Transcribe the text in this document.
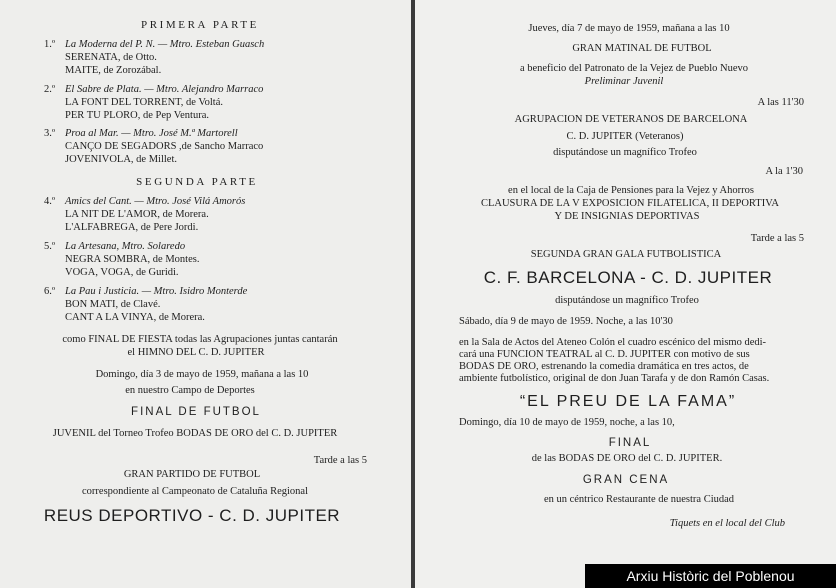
PRIMERA PARTE
1.º La Moderna del P. N. — Mtro. Esteban Guasch
SERENATA, de Otto.
MAITE, de Zorozábal.
2.º El Sabre de Plata. — Mtro. Alejandro Marraco
LA FONT DEL TORRENT, de Voltá.
PER TU PLORO, de Pep Ventura.
3.º Proa al Mar. — Mtro. José M.ª Martorell
CANÇO DE SEGADORS ,de Sancho Marraco
JOVENIVOLA, de Millet.
SEGUNDA PARTE
4.º Amics del Cant. — Mtro. José Vilá Amorós
LA NIT DE L'AMOR, de Morera.
L'ALFABREGA, de Pere Jordi.
5.º La Artesana, Mtro. Solaredo
NEGRA SOMBRA, de Montes.
VOGA, VOGA, de Guridi.
6.º La Pau i Justicia. — Mtro. Isidro Monterde
BON MATI, de Clavé.
CANT A LA VINYA, de Morera.
como FINAL DE FIESTA todas las Agrupaciones juntas cantarán
el HIMNO DEL C. D. JUPITER
Domingo, día 3 de mayo de 1959, mañana a las 10
en nuestro Campo de Deportes
FINAL DE FUTBOL
JUVENIL del Torneo Trofeo BODAS DE ORO del C. D. JUPITER
Tarde a las 5
GRAN PARTIDO DE FUTBOL
correspondiente al Campeonato de Cataluña Regional
REUS DEPORTIVO - C. D. JUPITER
Jueves, día 7 de mayo de 1959, mañana a las 10
GRAN MATINAL DE FUTBOL
a beneficio del Patronato de la Vejez de Pueblo Nuevo
Preliminar Juvenil
A las 11'30
AGRUPACION DE VETERANOS DE BARCELONA
C. D. JUPITER (Veteranos)
disputándose un magnífico Trofeo
A la 1'30
en el local de la Caja de Pensiones para la Vejez y Ahorros
CLAUSURA DE LA V EXPOSICION FILATELICA, II DEPORTIVA
Y DE INSIGNIAS DEPORTIVAS
Tarde a las 5
SEGUNDA GRAN GALA FUTBOLISTICA
C. F. BARCELONA - C. D. JUPITER
disputándose un magnífico Trofeo
Sábado, día 9 de mayo de 1959. Noche, a las 10'30
en la Sala de Actos del Ateneo Colón el cuadro escénico del mismo dedi-
cará una FUNCION TEATRAL al C. D. JUPITER con motivo de sus
BODAS DE ORO, estrenando la comedia dramática en tres actos, de
ambiente futbolístico, original de don Juan Tarafa y de don Ramón Casas.
“EL PREU DE LA FAMA”
Domingo, día 10 de mayo de 1959, noche, a las 10,
FINAL
de las BODAS DE ORO del C. D. JUPITER.
GRAN CENA
en un céntrico Restaurante de nuestra Ciudad
Tiquets en el local del Club
Arxiu Històric del Poblenou
